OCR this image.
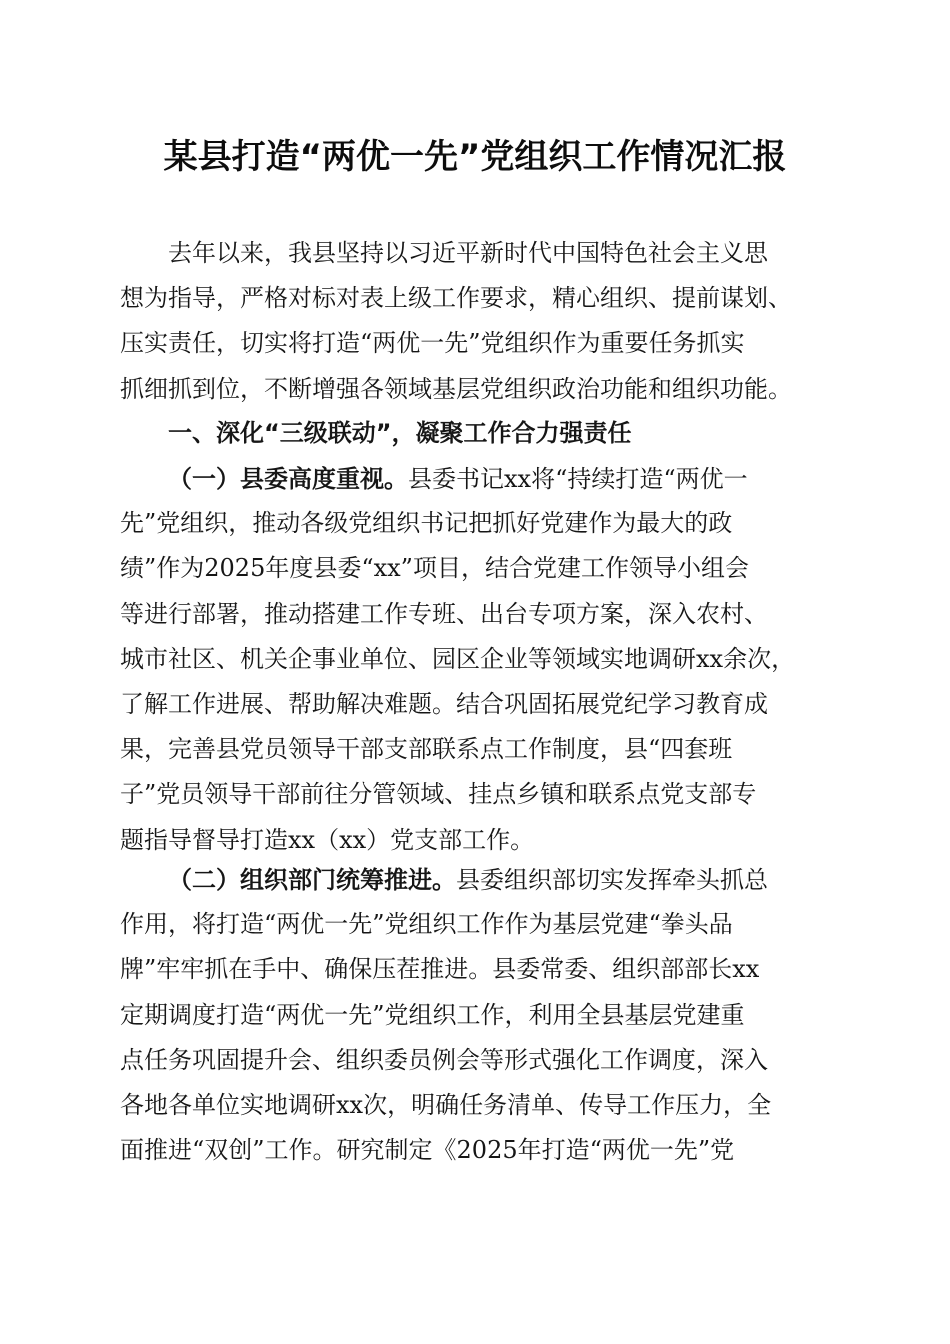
某县打造“两优一先”党组织工作情况汇报
去年以来，我县坚持以习近平新时代中国特色社会主义思
想为指导，严格对标对表上级工作要求，精心组织、提前谋划、
压实责任，切实将打造“两优一先”党组织作为重要任务抓实
抓细抓到位，不断增强各领域基层党组织政治功能和组织功能。
一、深化“三级联动”，凝聚工作合力强责任
（一）县委高度重视。县委书记xx将“持续打造“两优一
先”党组织，推动各级党组织书记把抓好党建作为最大的政
绩”作为2025年度县委“xx”项目，结合党建工作领导小组会
等进行部署，推动搭建工作专班、出台专项方案，深入农村、
城市社区、机关企事业单位、园区企业等领域实地调研xx余次，
了解工作进展、帮助解决难题。结合巩固拓展党纪学习教育成
果，完善县党员领导干部支部联系点工作制度，县“四套班
子”党员领导干部前往分管领域、挂点乡镇和联系点党支部专
题指导督导打造xx（xx）党支部工作。
（二）组织部门统筹推进。县委组织部切实发挥牵头抓总
作用，将打造“两优一先”党组织工作作为基层党建“拳头品
牌”牢牢抓在手中、确保压茬推进。县委常委、组织部部长xx
定期调度打造“两优一先”党组织工作，利用全县基层党建重
点任务巩固提升会、组织委员例会等形式强化工作调度，深入
各地各单位实地调研xx次，明确任务清单、传导工作压力，全
面推进“双创”工作。研究制定《2025年打造“两优一先”党
